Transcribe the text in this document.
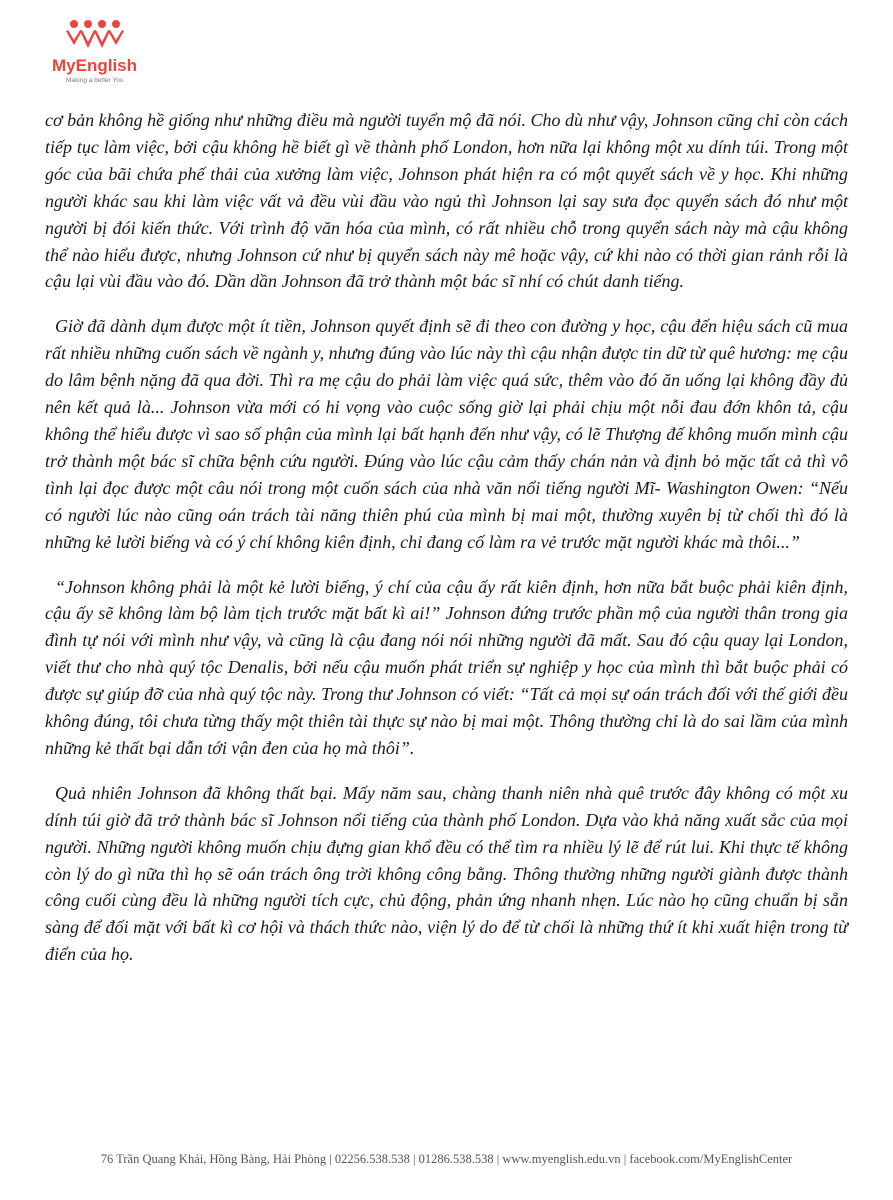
MyEnglish
Making a better You

cơ bản không hề giống như những điều mà người tuyển mộ đã nói. Cho dù như vậy, Johnson cũng chỉ còn cách tiếp tục làm việc, bởi cậu không hề biết gì về thành phố London, hơn nữa lại không một xu dính túi. Trong một góc của bãi chứa phế thải của xưởng làm việc, Johnson phát hiện ra có một quyết sách về y học. Khi những người khác sau khi làm việc vất vả đều vùi đầu vào ngủ thì Johnson lại say sưa đọc quyển sách đó như một người bị đói kiến thức. Với trình độ văn hóa của mình, có rất nhiều chỗ trong quyển sách này mà cậu không thể nào hiểu được, nhưng Johnson cứ như bị quyển sách này mê hoặc vậy, cứ khi nào có thời gian rảnh rỗi là cậu lại vùi đầu vào đó. Dần dần Johnson đã trở thành một bác sĩ nhí có chút danh tiếng.

Giờ đã dành dụm được một ít tiền, Johnson quyết định sẽ đi theo con đường y học, cậu đến hiệu sách cũ mua rất nhiều những cuốn sách về ngành y, nhưng đúng vào lúc này thì cậu nhận được tin dữ từ quê hương: mẹ cậu do lâm bệnh nặng đã qua đời. Thì ra mẹ cậu do phải làm việc quá sức, thêm vào đó ăn uống lại không đầy đủ nên kết quả là... Johnson vừa mới có hi vọng vào cuộc sống giờ lại phải chịu một nỗi đau đớn khôn tả, cậu không thể hiểu được vì sao số phận của mình lại bất hạnh đến như vậy, có lẽ Thượng đế không muốn mình cậu trở thành một bác sĩ chữa bệnh cứu người. Đúng vào lúc cậu cảm thấy chán nản và định bỏ mặc tất cả thì vô tình lại đọc được một câu nói trong một cuốn sách của nhà văn nổi tiếng người Mĩ- Washington Owen: “Nếu có người lúc nào cũng oán trách tài năng thiên phú của mình bị mai một, thường xuyên bị từ chối thì đó là những kẻ lười biếng và có ý chí không kiên định, chỉ đang cố làm ra vẻ trước mặt người khác mà thôi...”

“Johnson không phải là một kẻ lười biếng, ý chí của cậu ấy rất kiên định, hơn nữa bắt buộc phải kiên định, cậu ấy sẽ không làm bộ làm tịch trước mặt bất kì ai!” Johnson đứng trước phần mộ của người thân trong gia đình tự nói với mình như vậy, và cũng là cậu đang nói nói những người đã mất. Sau đó cậu quay lại London, viết thư cho nhà quý tộc Denalis, bởi nếu cậu muốn phát triển sự nghiệp y học của mình thì bắt buộc phải có được sự giúp đỡ của nhà quý tộc này. Trong thư Johnson có viết: “Tất cả mọi sự oán trách đối với thế giới đều không đúng, tôi chưa từng thấy một thiên tài thực sự nào bị mai một. Thông thường chỉ là do sai lầm của mình những kẻ thất bại dẫn tới vận đen của họ mà thôi”.

Quả nhiên Johnson đã không thất bại. Mấy năm sau, chàng thanh niên nhà quê trước đây không có một xu dính túi giờ đã trở thành bác sĩ Johnson nổi tiếng của thành phố London. Dựa vào khả năng xuất sắc của mọi người. Những người không muốn chịu đựng gian khổ đều có thể tìm ra nhiều lý lẽ để rút lui. Khi thực tế không còn lý do gì nữa thì họ sẽ oán trách ông trời không công bằng. Thông thường những người giành được thành công cuối cùng đều là những người tích cực, chủ động, phản ứng nhanh nhẹn. Lúc nào họ cũng chuẩn bị sẵn sàng để đối mặt với bất kì cơ hội và thách thức nào, viện lý do để từ chối là những thứ ít khi xuất hiện trong từ điển của họ.

76 Trần Quang Khải, Hồng Bàng, Hải Phòng | 02256.538.538 | 01286.538.538 | www.myenglish.edu.vn | facebook.com/MyEnglishCenter
